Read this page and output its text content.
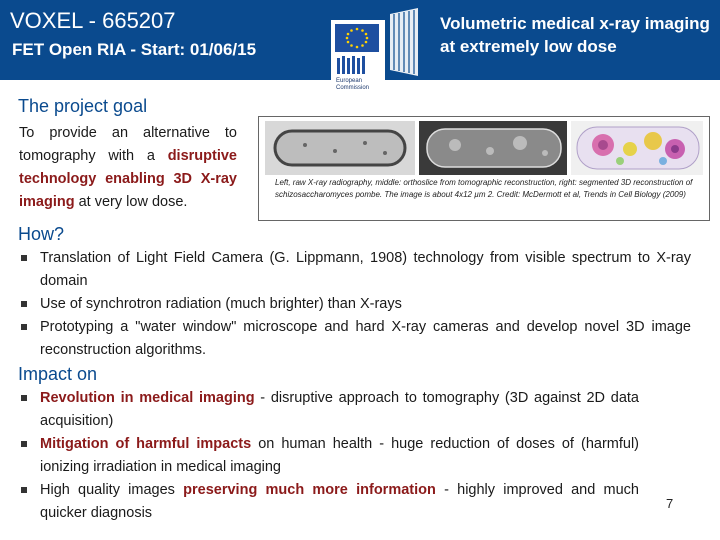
VOXEL - 665207
FET Open RIA - Start: 01/06/15
Volumetric medical x-ray imaging at extremely low dose
European
Commission
The project goal
To provide an alternative to tomography with a disruptive technology enabling 3D X-ray imaging at very low dose.
Left, raw X-ray radiography, middle: orthoslice from tomographic reconstruction, right: segmented 3D reconstruction of schizosaccharomyces pombe. The image is about 4x12 µm 2. Credit: McDermott et al, Trends in Cell Biology (2009)
How?
Translation of Light Field Camera (G. Lippmann, 1908) technology from visible spectrum to X-ray domain
Use of synchrotron radiation (much brighter) than X-rays
Prototyping a "water window" microscope and hard X-ray cameras and develop novel 3D image reconstruction algorithms.
Impact on
Revolution in medical imaging - disruptive approach to tomography (3D against 2D data acquisition)
Mitigation of harmful impacts on human health - huge reduction of doses of (harmful) ionizing irradiation in medical imaging
High quality images preserving much more information - highly improved and much quicker diagnosis
7
